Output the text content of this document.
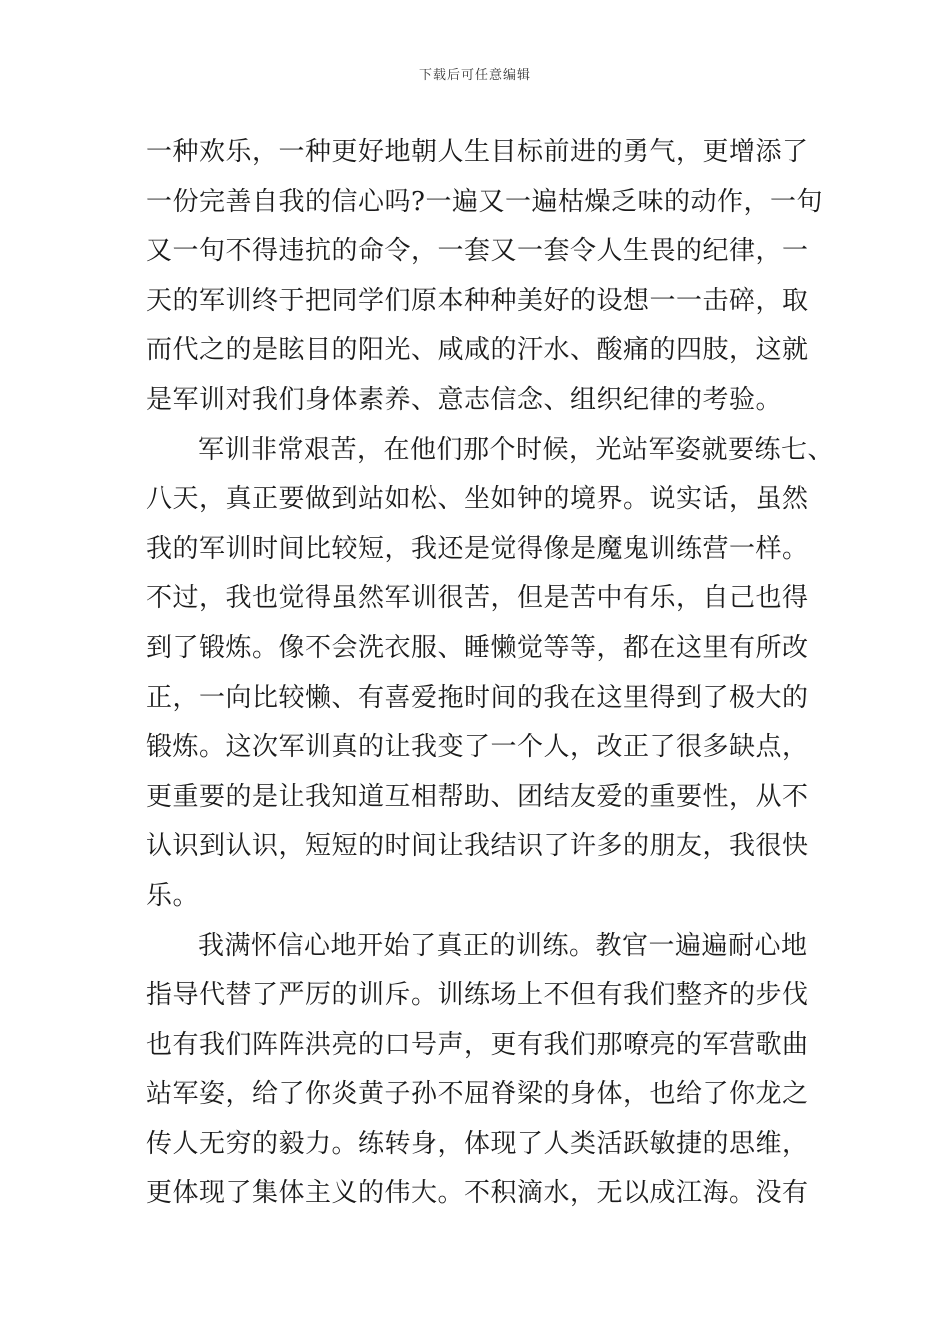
下载后可任意编辑
一种欢乐，一种更好地朝人生目标前进的勇气，更增添了
一份完善自我的信心吗?一遍又一遍枯燥乏味的动作，一句
又一句不得违抗的命令，一套又一套令人生畏的纪律，一
天的军训终于把同学们原本种种美好的设想一一击碎，取
而代之的是眩目的阳光、咸咸的汗水、酸痛的四肢，这就
是军训对我们身体素养、意志信念、组织纪律的考验。
军训非常艰苦，在他们那个时候，光站军姿就要练七、
八天，真正要做到站如松、坐如钟的境界。说实话，虽然
我的军训时间比较短，我还是觉得像是魔鬼训练营一样。
不过，我也觉得虽然军训很苦，但是苦中有乐，自己也得
到了锻炼。像不会洗衣服、睡懒觉等等，都在这里有所改
正，一向比较懒、有喜爱拖时间的我在这里得到了极大的
锻炼。这次军训真的让我变了一个人，改正了很多缺点，
更重要的是让我知道互相帮助、团结友爱的重要性，从不
认识到认识，短短的时间让我结识了许多的朋友，我很快
乐。
我满怀信心地开始了真正的训练。教官一遍遍耐心地
指导代替了严厉的训斥。训练场上不但有我们整齐的步伐
也有我们阵阵洪亮的口号声，更有我们那嘹亮的军营歌曲
站军姿，给了你炎黄子孙不屈脊梁的身体，也给了你龙之
传人无穷的毅力。练转身，体现了人类活跃敏捷的思维，
更体现了集体主义的伟大。不积滴水，无以成江海。没有
